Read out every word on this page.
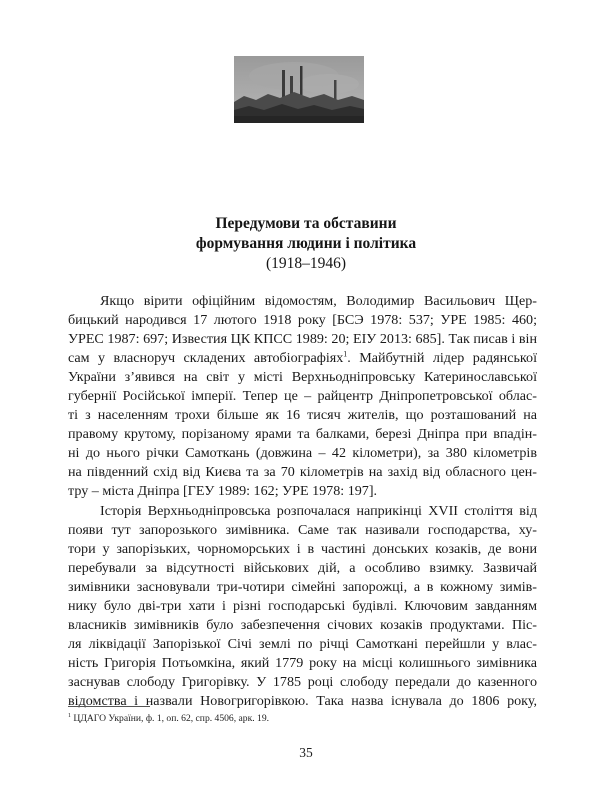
Передумови та обставини
формування людини і політика
(1918–1946)
Якщо вірити офіційним відомостям, Володимир Васильович Щер-
бицький народився 17 лютого 1918 року [БСЭ 1978: 537; УРЕ 1985: 460;
УРЕС 1987: 697; Известия ЦК КПСС 1989: 20; ЕІУ 2013: 685]. Так писав і він
сам у власноруч складених автобіографіях$^1$. Майбутній лідер радянської
України з’явився на світ у місті Верхньодніпровську Катеринославської
губернії Російської імперії. Тепер це – райцентр Дніпропетровської облас-
ті з населенням трохи більше як 16 тисяч жителів, що розташований на
правому крутому, порізаному ярами та балками, березі Дніпра при впадін-
ні до нього річки Самоткань (довжина – 42 кілометри), за 380 кілометрів
на південний схід від Києва та за 70 кілометрів на захід від обласного цен-
тру – міста Дніпра [ГЕУ 1989: 162; УРЕ 1978: 197].
Історія Верхньодніпровська розпочалася наприкінці XVII століття від
появи тут запорозького зимівника. Саме так називали господарства, ху-
тори у запорізьких, чорноморських і в частині донських козаків, де вони
перебували за відсутності військових дій, а особливо взимку. Зазвичай
зимівники засновували три-чотири сімейні запорожці, а в кожному зимів-
нику було дві-три хати і різні господарські будівлі. Ключовим завданням
власників зимівників було забезпечення січових козаків продуктами. Піс-
ля ліквідації Запорізької Січі землі по річці Самоткані перейшли у влас-
ність Григорія Потьомкіна, який 1779 року на місці колишнього зимівника
заснував слободу Григорівку. У 1785 році слободу передали до казенного
відомства і назвали Новогригорівкою. Така назва існувала до 1806 року,
$^1$ ЦДАГО України, ф. 1, оп. 62, спр. 4506, арк. 19.
35
